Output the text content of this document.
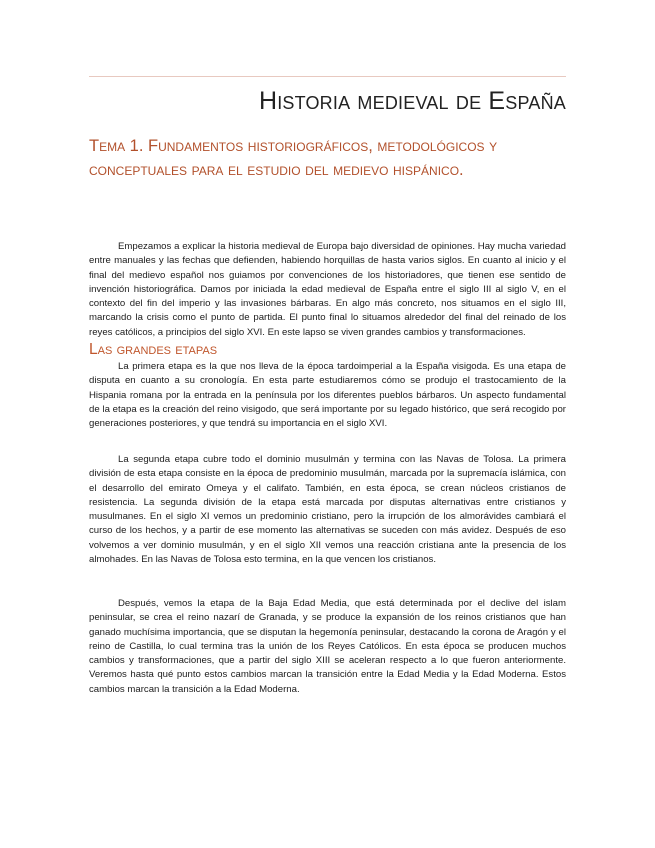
Historia medieval de España
Tema 1. Fundamentos historiográficos, metodológicos y conceptuales para el estudio del medievo hispánico.

Empezamos a explicar la historia medieval de Europa bajo diversidad de opiniones. Hay mucha variedad entre manuales y las fechas que defienden, habiendo horquillas de hasta varios siglos. En cuanto al inicio y el final del medievo español nos guiamos por convenciones de los historiadores, que tienen ese sentido de invención historiográfica. Damos por iniciada la edad medieval de España entre el siglo III al siglo V, en el contexto del fin del imperio y las invasiones bárbaras. En algo más concreto, nos situamos en el siglo III, marcando la crisis como el punto de partida. El punto final lo situamos alrededor del final del reinado de los reyes católicos, a principios del siglo XVI. En este lapso se viven grandes cambios y transformaciones.

Las grandes etapas

La primera etapa es la que nos lleva de la época tardoimperial a la España visigoda. Es una etapa de disputa en cuanto a su cronología. En esta parte estudiaremos cómo se produjo el trastocamiento de la Hispania romana por la entrada en la península por los diferentes pueblos bárbaros. Un aspecto fundamental de la etapa es la creación del reino visigodo, que será importante por su legado histórico, que será recogido por generaciones posteriores, y que tendrá su importancia en el siglo XVI.

La segunda etapa cubre todo el dominio musulmán y termina con las Navas de Tolosa. La primera división de esta etapa consiste en la época de predominio musulmán, marcada por la supremacía islámica, con el desarrollo del emirato Omeya y el califato. También, en esta época, se crean núcleos cristianos de resistencia. La segunda división de la etapa está marcada por disputas alternativas entre cristianos y musulmanes. En el siglo XI vemos un predominio cristiano, pero la irrupción de los almorávides cambiará el curso de los hechos, y a partir de ese momento las alternativas se suceden con más avidez. Después de eso volvemos a ver dominio musulmán, y en el siglo XII vemos una reacción cristiana ante la presencia de los almohades. En las Navas de Tolosa esto termina, en la que vencen los cristianos.

Después, vemos la etapa de la Baja Edad Media, que está determinada por el declive del islam peninsular, se crea el reino nazarí de Granada, y se produce la expansión de los reinos cristianos que han ganado muchísima importancia, que se disputan la hegemonía peninsular, destacando la corona de Aragón y el reino de Castilla, lo cual termina tras la unión de los Reyes Católicos. En esta época se producen muchos cambios y transformaciones, que a partir del siglo XIII se aceleran respecto a lo que fueron anteriormente. Veremos hasta qué punto estos cambios marcan la transición entre la Edad Media y la Edad Moderna. Estos cambios marcan la transición a la Edad Moderna.
